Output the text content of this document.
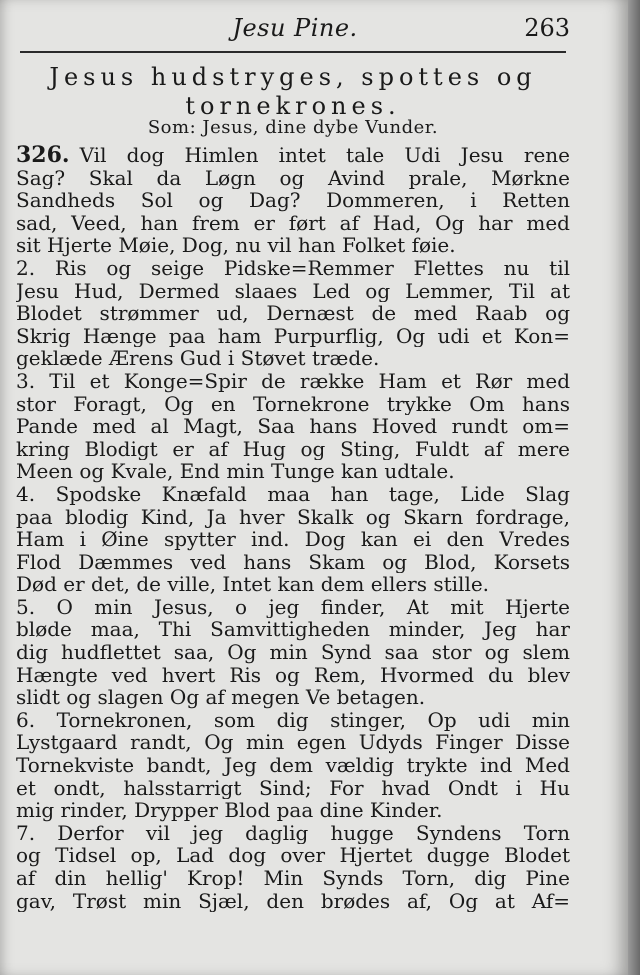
Jesu Pine.	263
Jesus hudstryges, spottes og
tornekrones.
Som: Jesus, dine dybe Vunder.
326. Vil dog Himlen intet tale Udi Jesu rene
Sag? Skal da Løgn og Avind prale, Mørkne
Sandheds Sol og Dag? Dommeren, i Retten
sad, Veed, han frem er ført af Had, Og har med
sit Hjerte Møie, Dog, nu vil han Folket føie.
2. Ris og seige Pidske=Remmer Flettes nu til
Jesu Hud, Dermed slaaes Led og Lemmer, Til at
Blodet strømmer ud, Dernæst de med Raab og
Skrig Hænge paa ham Purpurflig, Og udi et Kon=
geklæde Ærens Gud i Støvet træde.
3. Til et Konge=Spir de række Ham et Rør med
stor Foragt, Og en Tornekrone trykke Om hans
Pande med al Magt, Saa hans Hoved rundt om=
kring Blodigt er af Hug og Sting, Fuldt af mere
Meen og Kvale, End min Tunge kan udtale.
4. Spodske Knæfald maa han tage, Lide Slag
paa blodig Kind, Ja hver Skalk og Skarn fordrage,
Ham i Øine spytter ind. Dog kan ei den Vredes
Flod Dæmmes ved hans Skam og Blod, Korsets
Død er det, de ville, Intet kan dem ellers stille.
5. O min Jesus, o jeg finder, At mit Hjerte
bløde maa, Thi Samvittigheden minder, Jeg har
dig hudflettet saa, Og min Synd saa stor og slem
Hængte ved hvert Ris og Rem, Hvormed du blev
slidt og slagen Og af megen Ve betagen.
6. Tornekronen, som dig stinger, Op udi min
Lystgaard randt, Og min egen Udyds Finger Disse
Tornekviste bandt, Jeg dem vældig trykte ind Med
et ondt, halsstarrigt Sind; For hvad Ondt i Hu
mig rinder, Drypper Blod paa dine Kinder.
7. Derfor vil jeg daglig hugge Syndens Torn
og Tidsel op, Lad dog over Hjertet dugge Blodet
af din hellig' Krop! Min Synds Torn, dig Pine
gav, Trøst min Sjæl, den brødes af, Og at Af=
